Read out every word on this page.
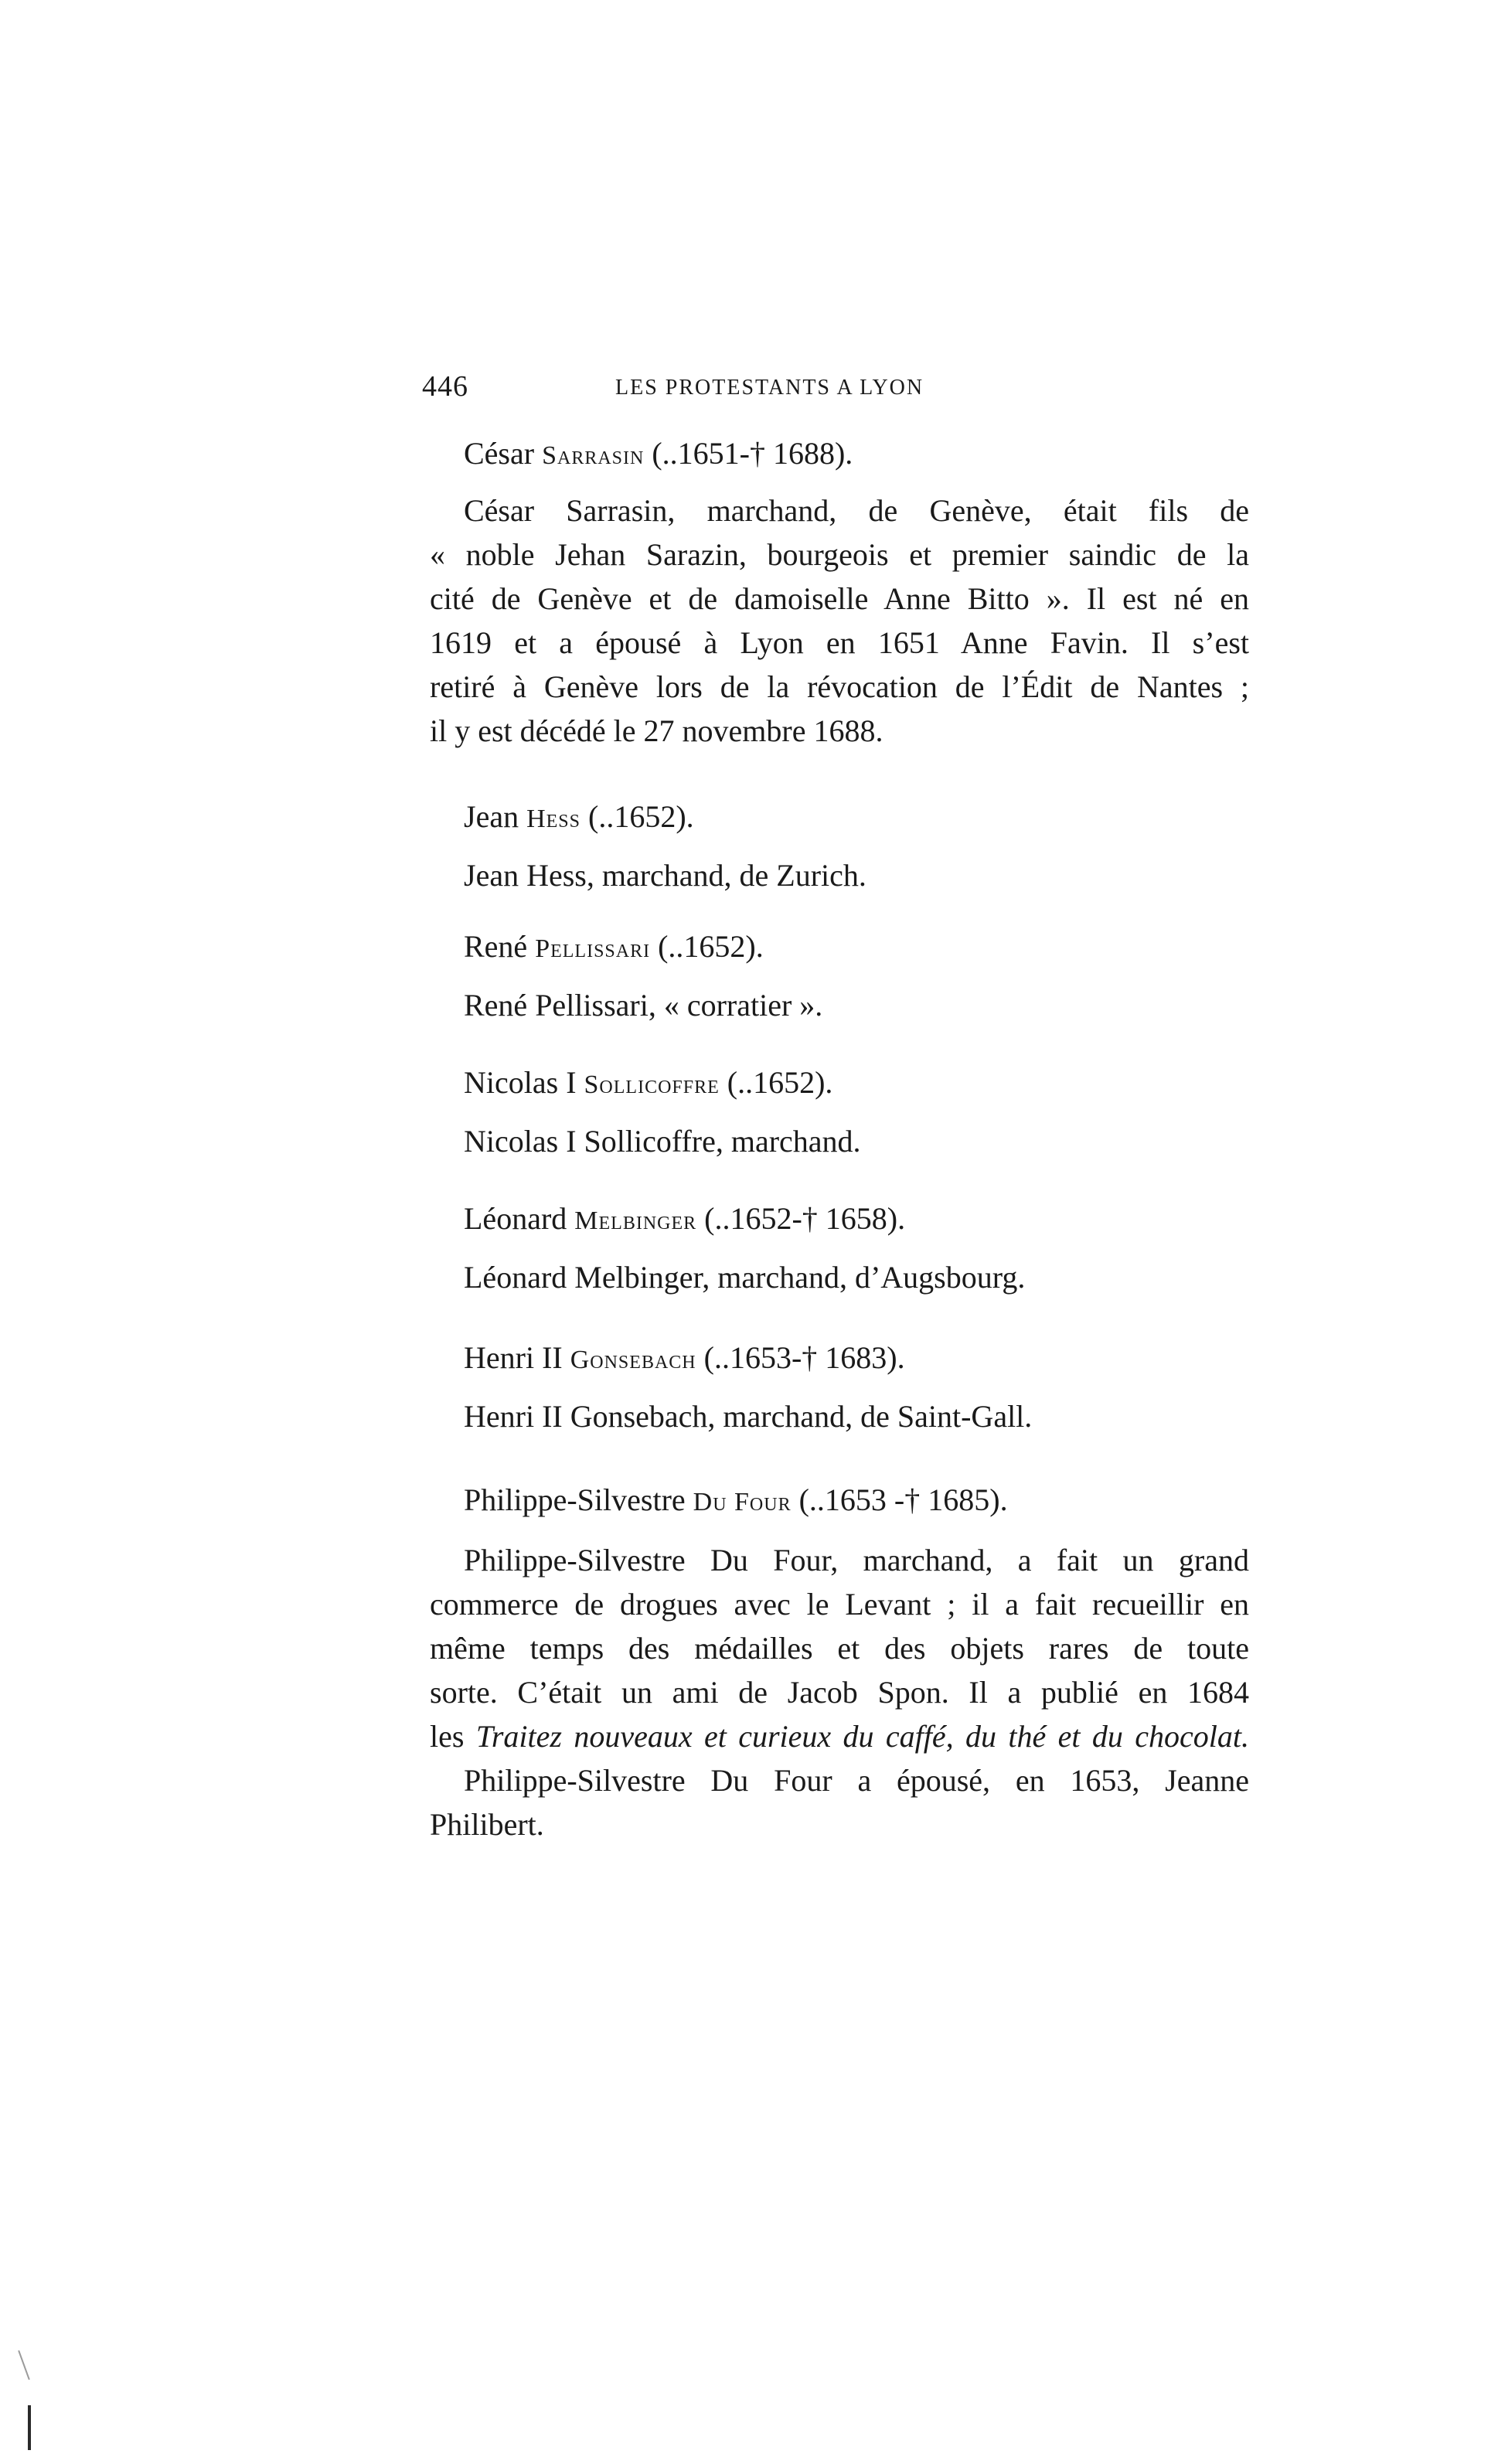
446	LES PROTESTANTS A LYON
César Sarrasin (..1651-† 1688).
César Sarrasin, marchand, de Genève, était fils de
« noble Jehan Sarazin, bourgeois et premier saindic de la
cité de Genève et de damoiselle Anne Bitto ». Il est né en
1619 et a épousé à Lyon en 1651 Anne Favin. Il s’est
retiré à Genève lors de la révocation de l’Édit de Nantes ;
il y est décédé le 27 novembre 1688.
Jean Hess (..1652).
Jean Hess, marchand, de Zurich.
René Pellissari (..1652).
René Pellissari, « corratier ».
Nicolas I Sollicoffre (..1652).
Nicolas I Sollicoffre, marchand.
Léonard Melbinger (..1652-† 1658).
Léonard Melbinger, marchand, d’Augsbourg.
Henri II Gonsebach (..1653-† 1683).
Henri II Gonsebach, marchand, de Saint-Gall.
Philippe-Silvestre Du Four (..1653 -† 1685).
Philippe-Silvestre Du Four, marchand, a fait un grand
commerce de drogues avec le Levant ; il a fait recueillir en
même temps des médailles et des objets rares de toute
sorte. C’était un ami de Jacob Spon. Il a publié en 1684
les Traitez nouveaux et curieux du caffé, du thé et du chocolat.
Philippe-Silvestre Du Four a épousé, en 1653, Jeanne
Philibert.
